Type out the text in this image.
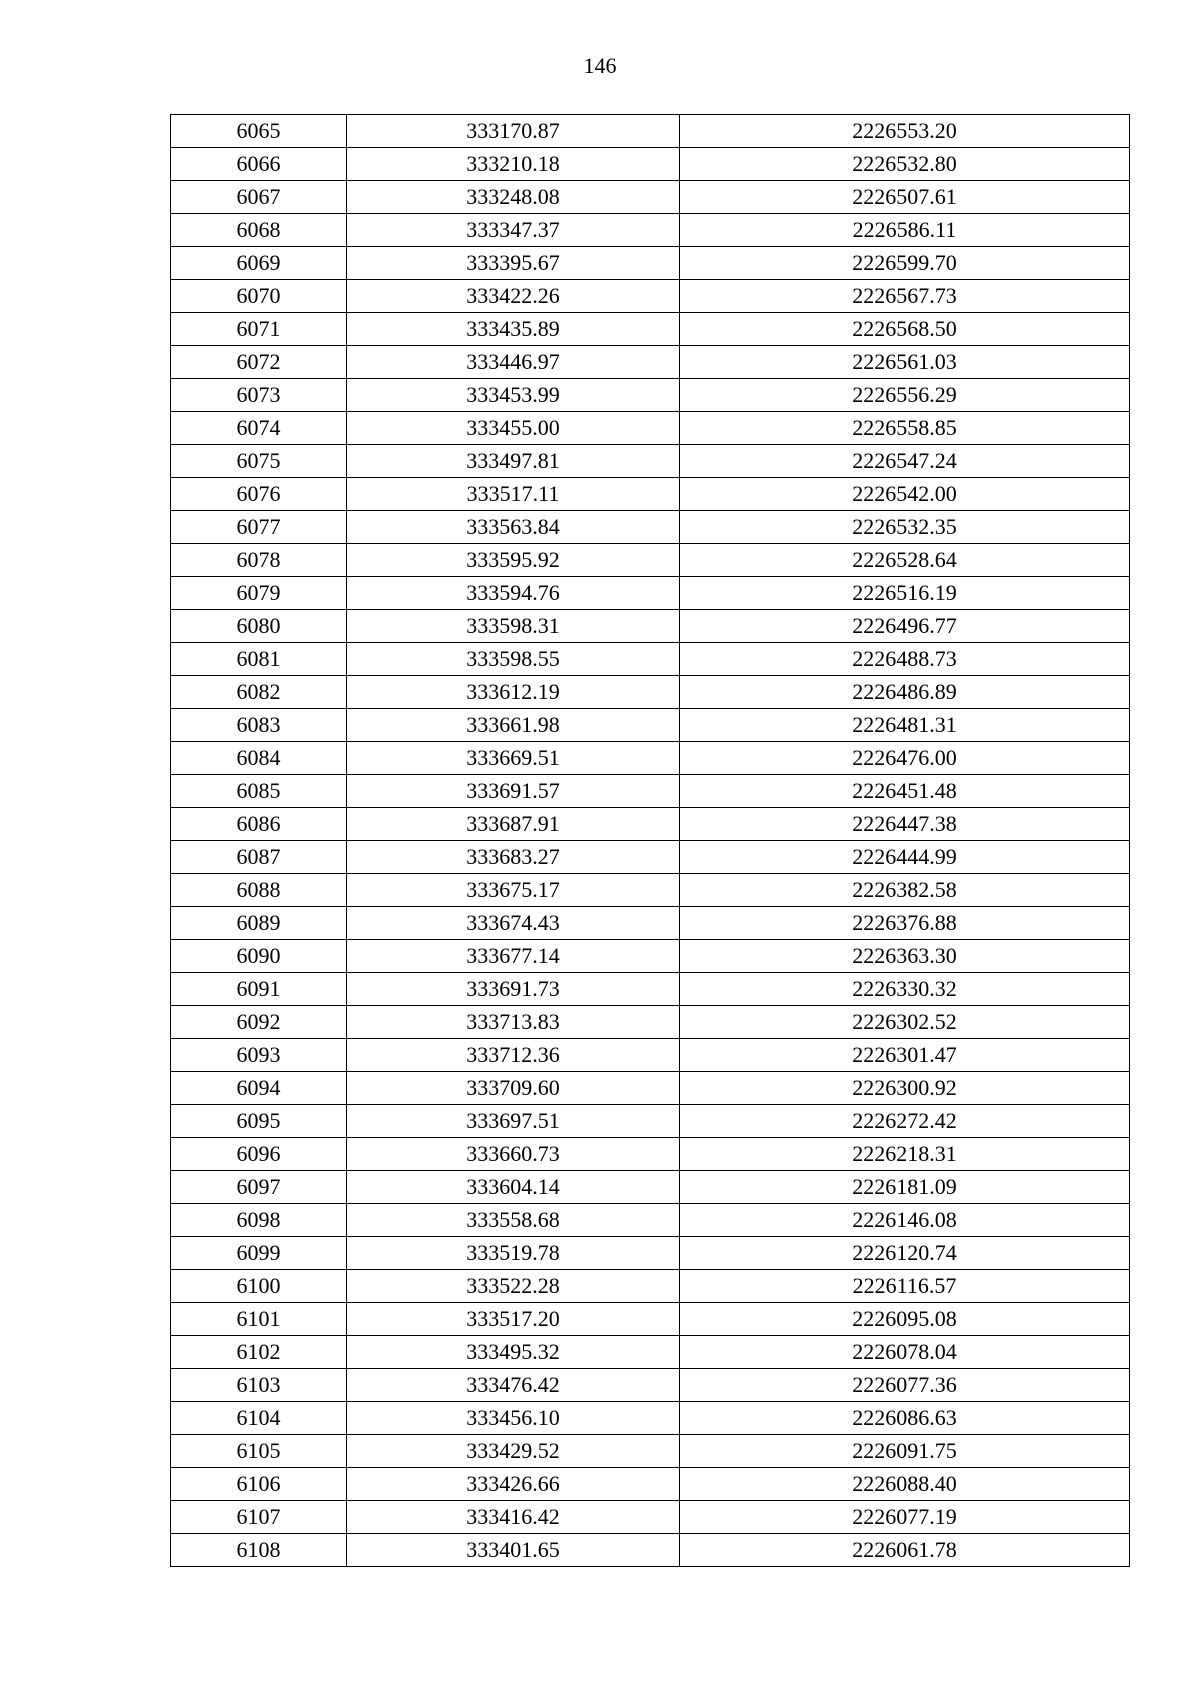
146
6065	333170.87	2226553.20
6066	333210.18	2226532.80
6067	333248.08	2226507.61
6068	333347.37	2226586.11
6069	333395.67	2226599.70
6070	333422.26	2226567.73
6071	333435.89	2226568.50
6072	333446.97	2226561.03
6073	333453.99	2226556.29
6074	333455.00	2226558.85
6075	333497.81	2226547.24
6076	333517.11	2226542.00
6077	333563.84	2226532.35
6078	333595.92	2226528.64
6079	333594.76	2226516.19
6080	333598.31	2226496.77
6081	333598.55	2226488.73
6082	333612.19	2226486.89
6083	333661.98	2226481.31
6084	333669.51	2226476.00
6085	333691.57	2226451.48
6086	333687.91	2226447.38
6087	333683.27	2226444.99
6088	333675.17	2226382.58
6089	333674.43	2226376.88
6090	333677.14	2226363.30
6091	333691.73	2226330.32
6092	333713.83	2226302.52
6093	333712.36	2226301.47
6094	333709.60	2226300.92
6095	333697.51	2226272.42
6096	333660.73	2226218.31
6097	333604.14	2226181.09
6098	333558.68	2226146.08
6099	333519.78	2226120.74
6100	333522.28	2226116.57
6101	333517.20	2226095.08
6102	333495.32	2226078.04
6103	333476.42	2226077.36
6104	333456.10	2226086.63
6105	333429.52	2226091.75
6106	333426.66	2226088.40
6107	333416.42	2226077.19
6108	333401.65	2226061.78
